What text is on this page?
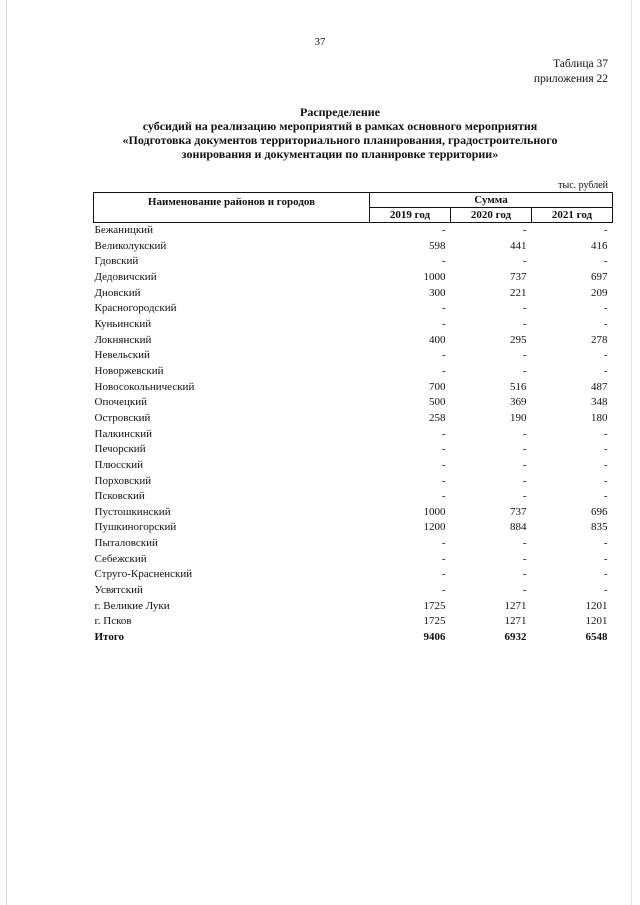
37
Таблица 37
приложения 22
Распределение
субсидий на реализацию мероприятий в рамках основного мероприятия
«Подготовка документов территориального планирования, градостроительного
зонирования и документации по планировке территории»
тыс. рублей
Наименование районов и городов	Сумма		
	2019 год	2020 год	2021 год
Бежаницкий	-	-	-
Великолукский	598	441	416
Гдовский	-	-	-
Дедовичский	1000	737	697
Дновский	300	221	209
Красногородский	-	-	-
Куньинский	-	-	-
Локнянский	400	295	278
Невельский	-	-	-
Новоржевский	-	-	-
Новосокольнический	700	516	487
Опочецкий	500	369	348
Островский	258	190	180
Палкинский	-	-	-
Печорский	-	-	-
Плюсский	-	-	-
Порховский	-	-	-
Псковский	-	-	-
Пустошкинский	1000	737	696
Пушкиногорский	1200	884	835
Пыталовский	-	-	-
Себежский	-	-	-
Струго-Красненский	-	-	-
Усвятский	-	-	-
г. Великие Луки	1725	1271	1201
г. Псков	1725	1271	1201
Итого	9406	6932	6548
